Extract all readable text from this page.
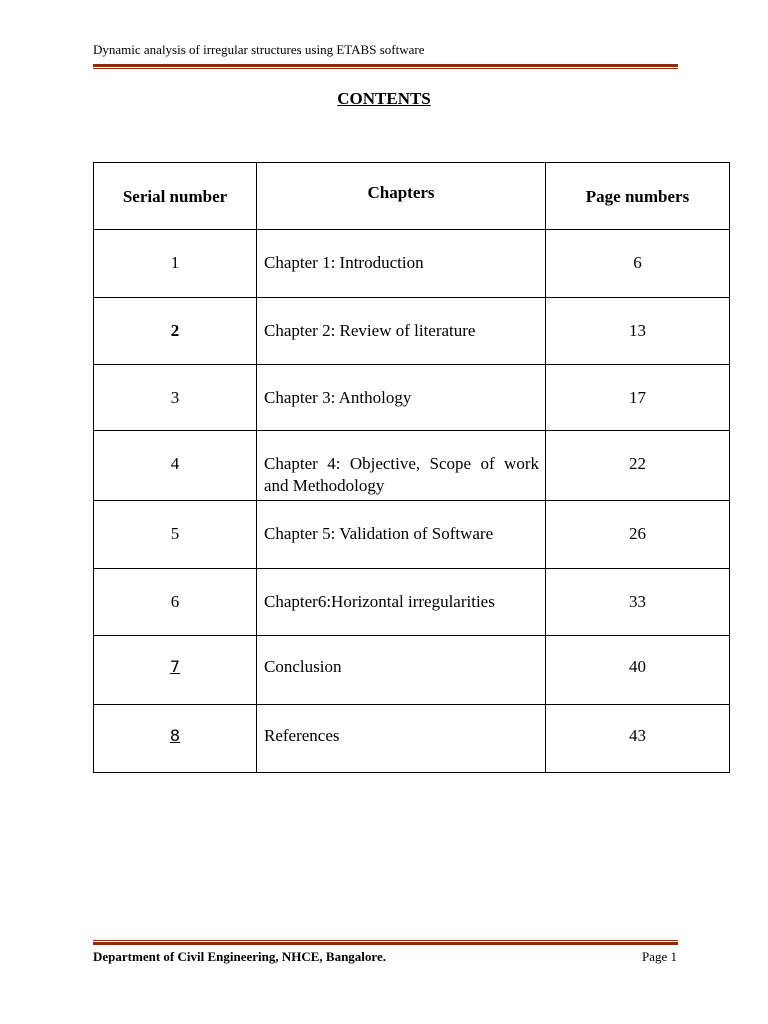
Dynamic analysis of irregular structures using ETABS software
CONTENTS
Serial number	Chapters	Page numbers
1	Chapter 1: Introduction	6
2	Chapter 2: Review of literature	13
3	Chapter 3: Anthology	17
4	Chapter 4: Objective, Scope of work and Methodology	22
5	Chapter 5: Validation of Software	26
6	Chapter6:Horizontal irregularities	33
7	Conclusion	40
8	References	43
Department of Civil Engineering, NHCE, Bangalore.	Page 1
